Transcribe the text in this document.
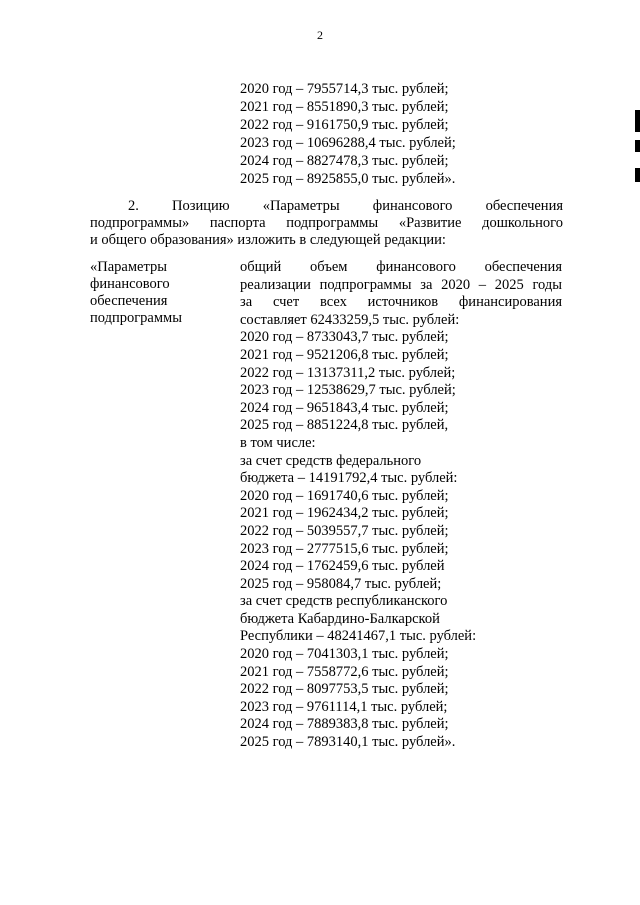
2
2020 год – 7955714,3 тыс. рублей;
2021 год – 8551890,3 тыс. рублей;
2022 год – 9161750,9 тыс. рублей;
2023 год – 10696288,4 тыс. рублей;
2024 год – 8827478,3 тыс. рублей;
2025 год – 8925855,0 тыс. рублей».
2. Позицию «Параметры финансового обеспечения
подпрограммы» паспорта подпрограммы «Развитие дошкольного
и общего образования» изложить в следующей редакции:
«Параметры финансового обеспечения подпрограммы
общий объем финансового обеспечения
реализации подпрограммы за 2020 – 2025 годы
за счет всех источников финансирования
составляет 62433259,5 тыс. рублей:
2020 год – 8733043,7 тыс. рублей;
2021 год – 9521206,8 тыс. рублей;
2022 год – 13137311,2 тыс. рублей;
2023 год – 12538629,7 тыс. рублей;
2024 год – 9651843,4 тыс. рублей;
2025 год – 8851224,8 тыс. рублей,
в том числе:
за счет средств федерального
бюджета – 14191792,4 тыс. рублей:
2020 год – 1691740,6 тыс. рублей;
2021 год – 1962434,2 тыс. рублей;
2022 год – 5039557,7 тыс. рублей;
2023 год – 2777515,6 тыс. рублей;
2024 год – 1762459,6 тыс. рублей
2025 год – 958084,7 тыс. рублей;
за счет средств республиканского
бюджета Кабардино-Балкарской
Республики – 48241467,1 тыс. рублей:
2020 год – 7041303,1 тыс. рублей;
2021 год – 7558772,6 тыс. рублей;
2022 год – 8097753,5 тыс. рублей;
2023 год – 9761114,1 тыс. рублей;
2024 год – 7889383,8 тыс. рублей;
2025 год – 7893140,1 тыс. рублей».
